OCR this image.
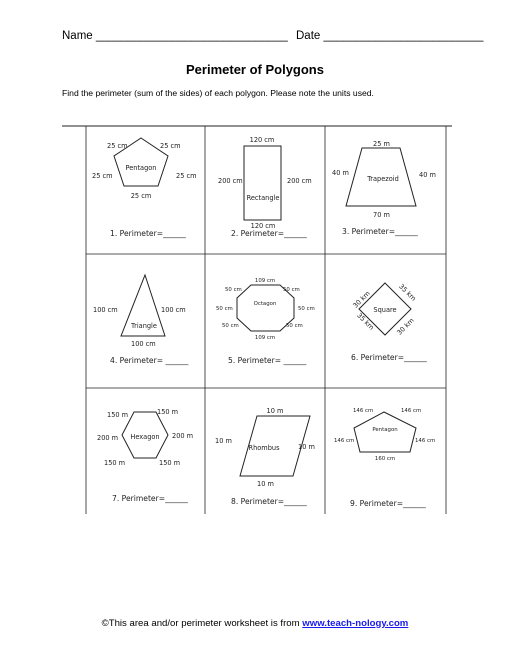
Name ______________________________ Date _________________________
Perimeter of Polygons
Find the perimeter (sum of the sides) of each polygon. Please note the units used.
Pentagon
25 cm	25 cm
25 cm	25 cm
25 cm
1. Perimeter=______
120 cm
200 cm	200 cm
120 cm
Rectangle
2. Perimeter=______
25 m
40 m	40 m
70 m
Trapezoid
3. Perimeter=______
Triangle
100 cm	100 cm
100 cm
4. Perimeter= ______
109 cm
50 cm	50 cm
50 cm	50 cm
50 cm	50 cm
109 cm
Octagon
5. Perimeter= ______
Square
30 km	35 km
35 km	30 km
6. Perimeter=______
Hexagon
150 m	150 m
200 m	200 m
150 m	150 m
7. Perimeter=______
10 m
10 m
10 m
10 m
Rhombus
8. Perimeter=______
Pentagon
146 cm	146 cm
146 cm	146 cm
160 cm
9. Perimeter=______
©This area and/or perimeter worksheet is from www.teach-nology.com
